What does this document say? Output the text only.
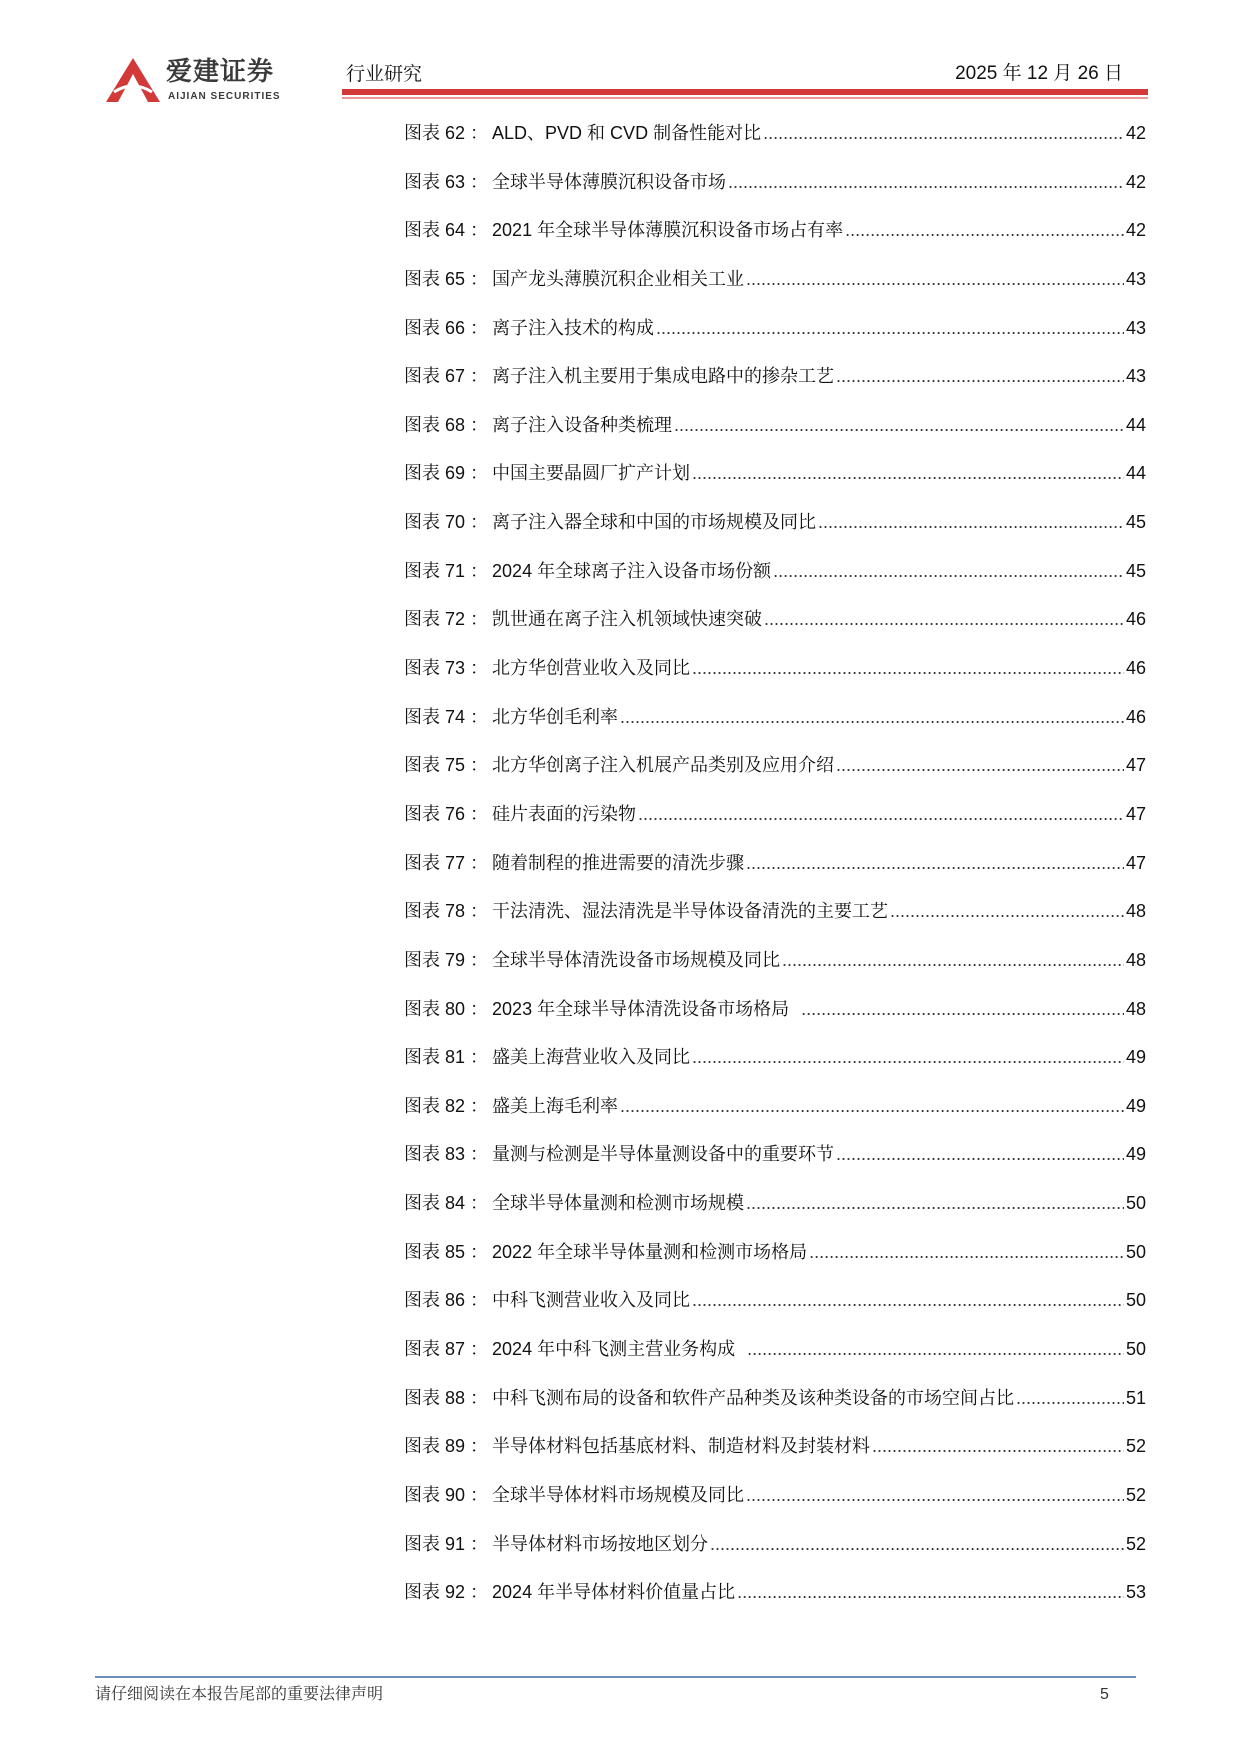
爱建证券
AIJIAN SECURITIES
行业研究	2025 年 12 月 26 日
图表 62 ： ALD、PVD 和 CVD 制备性能对比 .....	42
图表 63 ： 全球半导体薄膜沉积设备市场 .....	42
图表 64 ： 2021 年全球半导体薄膜沉积设备市场占有率 .....	42
图表 65 ： 国产龙头薄膜沉积企业相关工业 .....	43
图表 66 ： 离子注入技术的构成 .....	43
图表 67 ： 离子注入机主要用于集成电路中的掺杂工艺 .....	43
图表 68 ： 离子注入设备种类梳理 .....	44
图表 69 ： 中国主要晶圆厂扩产计划 .....	44
图表 70 ： 离子注入器全球和中国的市场规模及同比 .....	45
图表 71 ： 2024 年全球离子注入设备市场份额 .....	45
图表 72 ： 凯世通在离子注入机领域快速突破 .....	46
图表 73 ： 北方华创营业收入及同比 .....	46
图表 74 ： 北方华创毛利率 .....	46
图表 75 ： 北方华创离子注入机展产品类别及应用介绍 .....	47
图表 76 ： 硅片表面的污染物 .....	47
图表 77 ： 随着制程的推进需要的清洗步骤 .....	47
图表 78 ： 干法清洗、湿法清洗是半导体设备清洗的主要工艺 .....	48
图表 79 ： 全球半导体清洗设备市场规模及同比 .....	48
图表 80 ： 2023 年全球半导体清洗设备市场格局 .....	48
图表 81 ： 盛美上海营业收入及同比 .....	49
图表 82 ： 盛美上海毛利率 .....	49
图表 83 ： 量测与检测是半导体量测设备中的重要环节 .....	49
图表 84 ： 全球半导体量测和检测市场规模 .....	50
图表 85 ： 2022 年全球半导体量测和检测市场格局 .....	50
图表 86 ： 中科飞测营业收入及同比 .....	50
图表 87 ： 2024 年中科飞测主营业务构成 .....	50
图表 88 ： 中科飞测布局的设备和软件产品种类及该种类设备的市场空间占比 .....	51
图表 89 ： 半导体材料包括基底材料、制造材料及封装材料 .....	52
图表 90 ： 全球半导体材料市场规模及同比 .....	52
图表 91 ： 半导体材料市场按地区划分 .....	52
图表 92 ： 2024 年半导体材料价值量占比 .....	53
请仔细阅读在本报告尾部的重要法律声明	5
